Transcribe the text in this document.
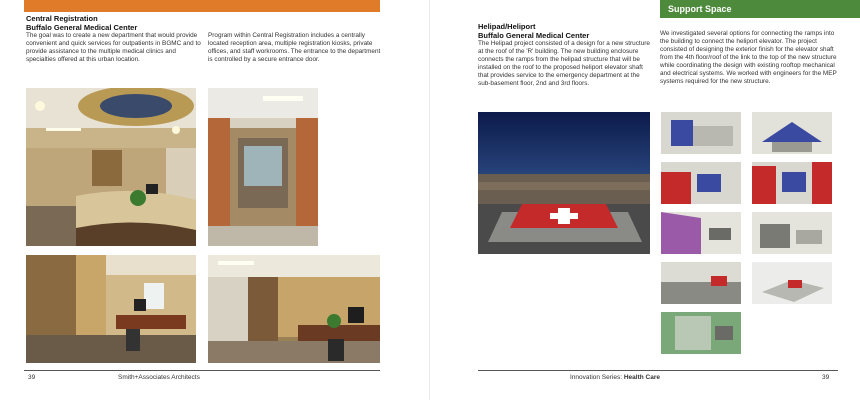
Central Registration
Buffalo General Medical Center

The goal was to create a new department that would provide convenient and quick services for outpatients in BGMC and to provide assistance to the multiple medical clinics and specialties offered at this urban location.

Program within Central Registration includes a centrally located reception area, multiple registration kiosks, private offices, and staff workrooms. The entrance to the department is controlled by a secure entrance door.

39	Smith+Associates Architects
Support Space
Helipad/Heliport
Buffalo General Medical Center

The Helipad project consisted of a design for a new structure at the roof of the 'R' building. The new building enclosure connects the ramps from the helipad structure that will be installed on the roof to the proposed heliport elevator shaft that provides service to the emergency department at the sub-basement floor, 2nd and 3rd floors.

We investigated several options for connecting the ramps into the building to connect the heliport elevator. The project consisted of designing the exterior finish for the elevator shaft from the 4th floor/roof of the link to the top of the new structure while coordinating the design with existing rooftop mechanical and electrical systems. We worked with engineers for the MEP systems required for the new structure.

Innovation Series: Health Care	39
